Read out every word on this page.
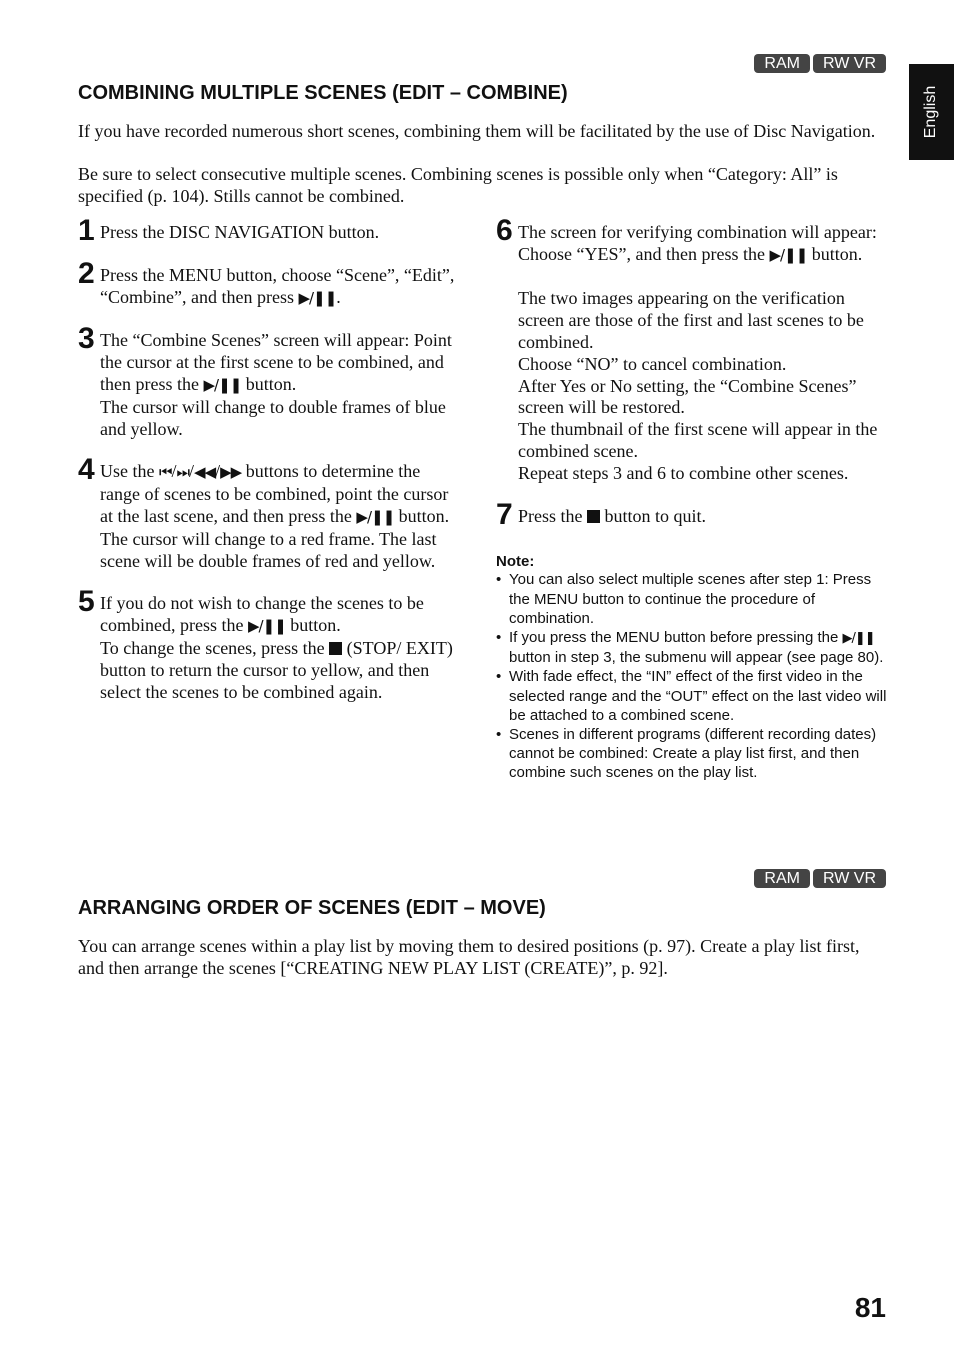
English
RAM	RW VR
COMBINING MULTIPLE SCENES (EDIT – COMBINE)

If you have recorded numerous short scenes, combining them will be facilitated by the use of Disc Navigation.

Be sure to select consecutive multiple scenes. Combining scenes is possible only when “Category: All” is specified (p. 104). Stills cannot be combined.

1 Press the DISC NAVIGATION button.

2 Press the MENU button, choose “Scene”, “Edit”, “Combine”, and then press ▶/❚❚.

3 The “Combine Scenes” screen will appear: Point the cursor at the first scene to be combined, and then press the ▶/❚❚ button.

The cursor will change to double frames of blue and yellow.

4 Use the ⏮/⏭/◀◀/▶▶ buttons to determine the range of scenes to be combined, point the cursor at the last scene, and then press the ▶/❚❚ button.

The cursor will change to a red frame. The last scene will be double frames of red and yellow.

5 If you do not wish to change the scenes to be combined, press the ▶/❚❚ button.

To change the scenes, press the  (STOP/ EXIT) button to return the cursor to yellow, and then select the scenes to be combined again.

6 The screen for verifying combination will appear: Choose “YES”, and then press the ▶/❚❚ button.

The two images appearing on the verification screen are those of the first and last scenes to be combined.

Choose “NO” to cancel combination.

After Yes or No setting, the “Combine Scenes” screen will be restored.

The thumbnail of the first scene will appear in the combined scene.

Repeat steps 3 and 6 to combine other scenes.

7 Press the  button to quit.

Note:

• You can also select multiple scenes after step 1: Press the MENU button to continue the procedure of combination.
• If you press the MENU button before pressing the ▶/❚❚ button in step 3, the submenu will appear (see page 80).
• With fade effect, the “IN” effect of the first video in the selected range and the “OUT” effect on the last video will be attached to a combined scene.
• Scenes in different programs (different recording dates) cannot be combined: Create a play list first, and then combine such scenes on the play list.
RAM	RW VR
ARRANGING ORDER OF SCENES (EDIT – MOVE)

You can arrange scenes within a play list by moving them to desired positions (p. 97). Create a play list first, and then arrange the scenes [“CREATING NEW PLAY LIST (CREATE)”, p. 92].

81
